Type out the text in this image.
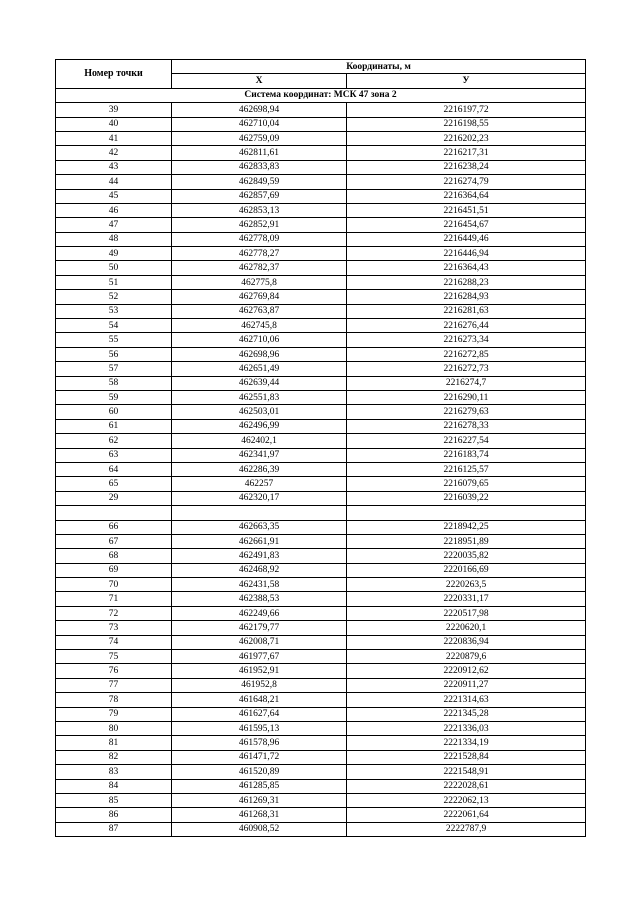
Номер точки	Координаты, м	
	X	У
Система координат: МСК 47 зона 2		
39	462698,94	2216197,72
40	462710,04	2216198,55
41	462759,09	2216202,23
42	462811,61	2216217,31
43	462833,83	2216238,24
44	462849,59	2216274,79
45	462857,69	2216364,64
46	462853,13	2216451,51
47	462852,91	2216454,67
48	462778,09	2216449,46
49	462778,27	2216446,94
50	462782,37	2216364,43
51	462775,8	2216288,23
52	462769,84	2216284,93
53	462763,87	2216281,63
54	462745,8	2216276,44
55	462710,06	2216273,34
56	462698,96	2216272,85
57	462651,49	2216272,73
58	462639,44	2216274,7
59	462551,83	2216290,11
60	462503,01	2216279,63
61	462496,99	2216278,33
62	462402,1	2216227,54
63	462341,97	2216183,74
64	462286,39	2216125,57
65	462257	2216079,65
29	462320,17	2216039,22

66	462663,35	2218942,25
67	462661,91	2218951,89
68	462491,83	2220035,82
69	462468,92	2220166,69
70	462431,58	2220263,5
71	462388,53	2220331,17
72	462249,66	2220517,98
73	462179,77	2220620,1
74	462008,71	2220836,94
75	461977,67	2220879,6
76	461952,91	2220912,62
77	461952,8	2220911,27
78	461648,21	2221314,63
79	461627,64	2221345,28
80	461595,13	2221336,03
81	461578,96	2221334,19
82	461471,72	2221528,84
83	461520,89	2221548,91
84	461285,85	2222028,61
85	461269,31	2222062,13
86	461268,31	2222061,64
87	460908,52	2222787,9
